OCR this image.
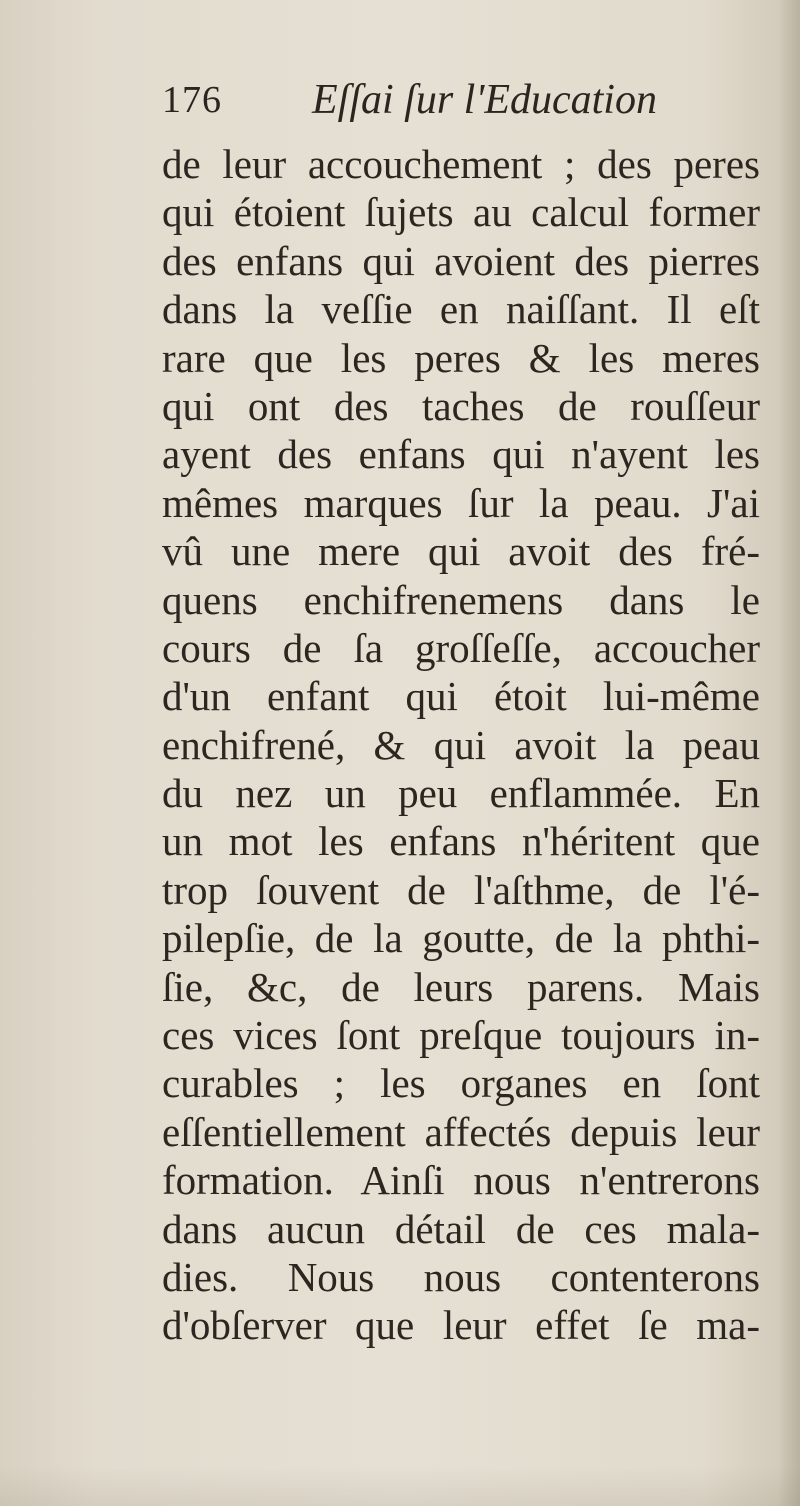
176 Eſſai ſur l'Education
de leur accouchement ; des peres
qui étoient ſujets au calcul former
des enfans qui avoient des pierres
dans la veſſie en naiſſant. Il eſt
rare que les peres & les meres
qui ont des taches de rouſſeur
ayent des enfans qui n'ayent les
mêmes marques ſur la peau. J'ai
vû une mere qui avoit des fré-
quens enchifrenemens dans le
cours de ſa groſſeſſe, accoucher
d'un enfant qui étoit lui-même
enchifrené, & qui avoit la peau
du nez un peu enflammée. En
un mot les enfans n'héritent que
trop ſouvent de l'aſthme, de l'é-
pilepſie, de la goutte, de la phthi-
ſie, &c, de leurs parens. Mais
ces vices ſont preſque toujours in-
curables ; les organes en ſont
eſſentiellement affectés depuis leur
formation. Ainſi nous n'entrerons
dans aucun détail de ces mala-
dies. Nous nous contenterons
d'obſerver que leur effet ſe ma-
